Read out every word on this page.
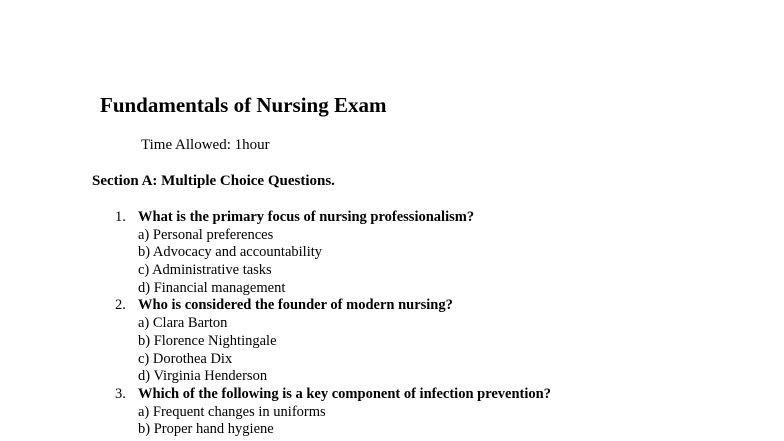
Fundamentals of Nursing Exam
Time Allowed: 1hour
Section A: Multiple Choice Questions.
1. What is the primary focus of nursing professionalism?
a) Personal preferences
b) Advocacy and accountability
c) Administrative tasks
d) Financial management
2. Who is considered the founder of modern nursing?
a) Clara Barton
b) Florence Nightingale
c) Dorothea Dix
d) Virginia Henderson
3. Which of the following is a key component of infection prevention?
a) Frequent changes in uniforms
b) Proper hand hygiene
